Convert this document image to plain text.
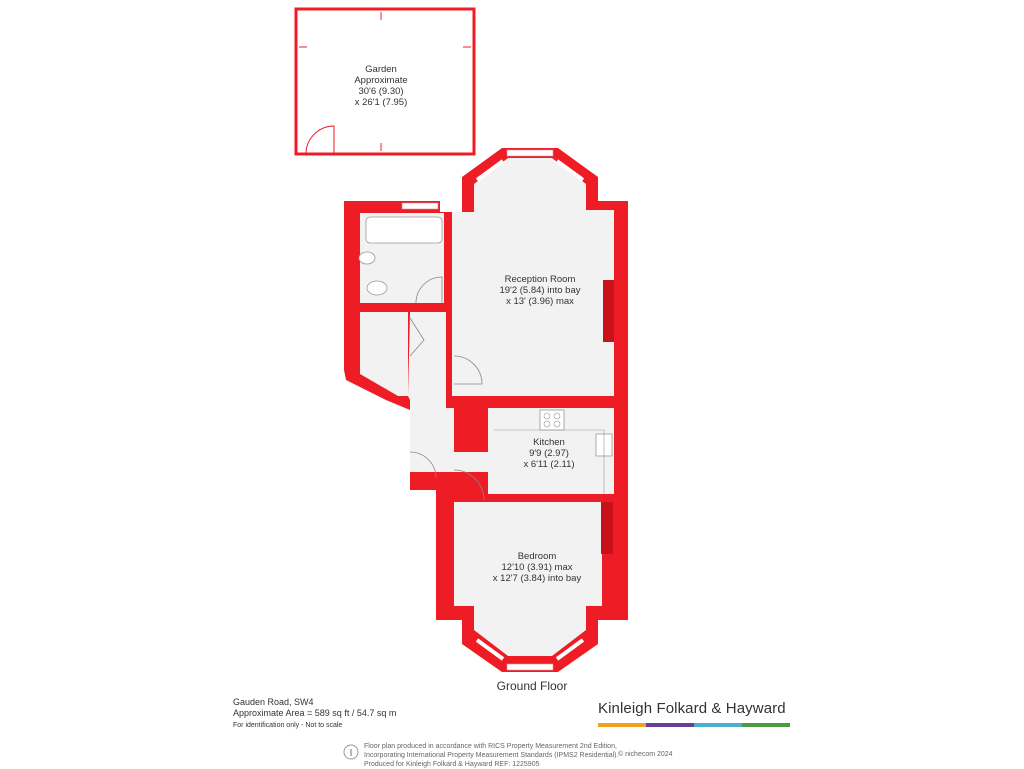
Garden
Approximate
30'6 (9.30)
x 26'1 (7.95)
Reception Room
19'2 (5.84) into bay
x 13' (3.96) max
Kitchen
9'9 (2.97)
x 6'11 (2.11)
Bedroom
12'10 (3.91) max
x 12'7 (3.84) into bay
Ground Floor
Gauden Road, SW4
Approximate Area = 589 sq ft / 54.7 sq m
For identification only - Not to scale
Kinleigh Folkard & Hayward
Floor plan produced in accordance with RICS Property Measurement 2nd Edition,
Incorporating International Property Measurement Standards (IPMS2 Residential).
Produced for Kinleigh Folkard & Hayward REF: 1225905
© nichecom 2024
